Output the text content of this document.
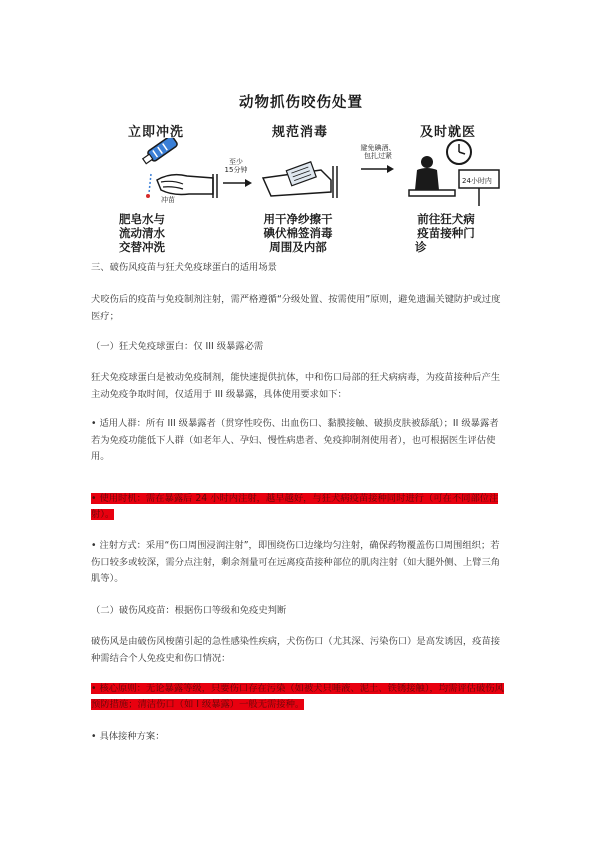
动物抓伤咬伤处置
立即冲洗
冲苗
肥皂水与
流动清水
交替冲洗
至少
15分钟
规范消毒
用干净纱擦干
碘伏棉签消毒
周围及内部
避免碘酒、
包扎过紧
及时就医
24小时内
前往狂犬病
疫苗接种门
诊
三、破伤风疫苗与狂犬免疫球蛋白的适用场景
犬咬伤后的疫苗与免疫制剂注射，需严格遵循“分级处置、按需使用”原则，避免遗漏关键防护或过度医疗；
（一）狂犬免疫球蛋白：仅 III 级暴露必需
狂犬免疫球蛋白是被动免疫制剂，能快速提供抗体，中和伤口局部的狂犬病病毒，为疫苗接种后产生主动免疫争取时间，仅适用于 III 级暴露，具体使用要求如下：
• 适用人群：所有 III 级暴露者（贯穿性咬伤、出血伤口、黏膜接触、破损皮肤被舔舐）；II 级暴露者若为免疫功能低下人群（如老年人、孕妇、慢性病患者、免疫抑制剂使用者），也可根据医生评估使用。
• 使用时机：需在暴露后 24 小时内注射，越早越好，与狂犬病疫苗接种同时进行（可在不同部位注射）。
• 注射方式：采用“伤口周围浸润注射”，即围绕伤口边缘均匀注射，确保药物覆盖伤口周围组织；若伤口较多或较深，需分点注射，剩余剂量可在远离疫苗接种部位的肌肉注射（如大腿外侧、上臂三角肌等）。
（二）破伤风疫苗：根据伤口等级和免疫史判断
破伤风是由破伤风梭菌引起的急性感染性疾病，犬伤伤口（尤其深、污染伤口）是高发诱因，疫苗接种需结合个人免疫史和伤口情况：
• 核心原则：无论暴露等级，只要伤口存在污染（如被犬只唾液、泥土、铁锈接触），均需评估破伤风预防措施；清洁伤口（如 I 级暴露）一般无需接种。
• 具体接种方案：
